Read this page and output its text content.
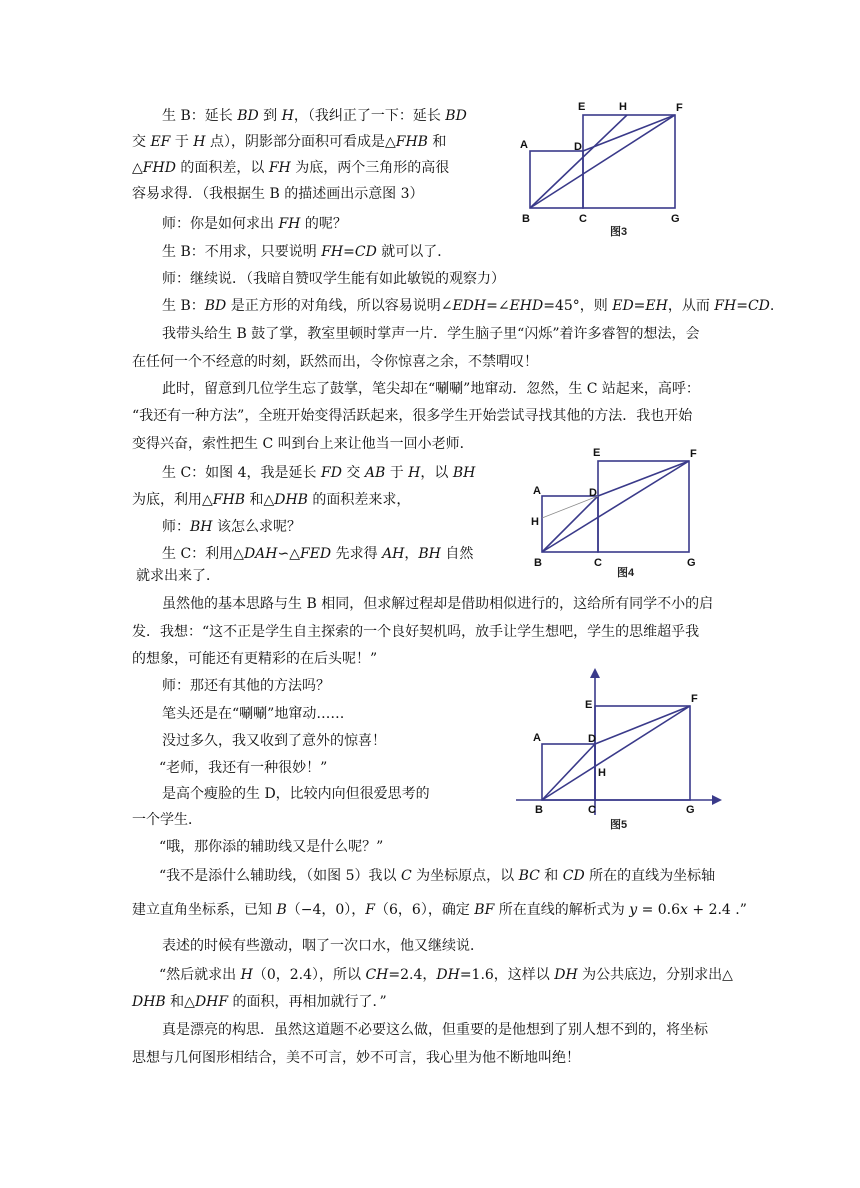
生 B：延长 BD 到 H，（我纠正了一下：延长 BD
交 EF 于 H 点），阴影部分面积可看成是△FHB 和
△FHD 的面积差，以 FH 为底，两个三角形的高很
容易求得．（我根据生 B 的描述画出示意图 3）
师：你是如何求出 FH 的呢？
生 B：不用求，只要说明 FH=CD 就可以了．
师：继续说．（我暗自赞叹学生能有如此敏锐的观察力）
生 B：BD 是正方形的对角线，所以容易说明∠EDH=∠EHD=45°，则 ED=EH，从而 FH=CD.
我带头给生 B 鼓了掌，教室里顿时掌声一片．学生脑子里“闪烁”着许多睿智的想法，会
在任何一个不经意的时刻，跃然而出，令你惊喜之余，不禁喟叹！
此时，留意到几位学生忘了鼓掌，笔尖却在“唰唰”地窜动．忽然，生 C 站起来，高呼：
“我还有一种方法”，全班开始变得活跃起来，很多学生开始尝试寻找其他的方法．我也开始
变得兴奋，索性把生 C 叫到台上来让他当一回小老师．
生 C：如图 4，我是延长 FD 交 AB 于 H，以 BH
为底，利用△FHB 和△DHB 的面积差来求，
师：BH 该怎么求呢？
生 C：利用△DAH∽△FED 先求得 AH，BH 自然
就求出来了．
虽然他的基本思路与生 B 相同，但求解过程却是借助相似进行的，这给所有同学不小的启
发．我想：“这不正是学生自主探索的一个良好契机吗，放手让学生想吧，学生的思维超乎我
的想象，可能还有更精彩的在后头呢！”
师：那还有其他的方法吗？
笔头还是在“唰唰”地窜动……
没过多久，我又收到了意外的惊喜！
“老师，我还有一种很妙！”
是高个瘦脸的生 D，比较内向但很爱思考的
一个学生．
“哦，那你添的辅助线又是什么呢？”
“我不是添什么辅助线，（如图 5）我以 C 为坐标原点，以 BC 和 CD 所在的直线为坐标轴
建立直角坐标系，已知 B（−4，0），F（6，6），确定 BF 所在直线的解析式为 y = 0.6x + 2.4 .”
表述的时候有些激动，咽了一次口水，他又继续说．
“然后就求出 H（0，2.4），所以 CH=2.4，DH=1.6，这样以 DH 为公共底边，分别求出△
DHB 和△DHF 的面积，再相加就行了．”
真是漂亮的构思．虽然这道题不必要这么做，但重要的是他想到了别人想不到的，将坐标
思想与几何图形相结合，美不可言，妙不可言，我心里为他不断地叫绝！
E	H	F
A	D
B	C	G
图3
E	F
A	D
H
B	C	G
图4
E	F
A	D
H
B	C	G
图5
